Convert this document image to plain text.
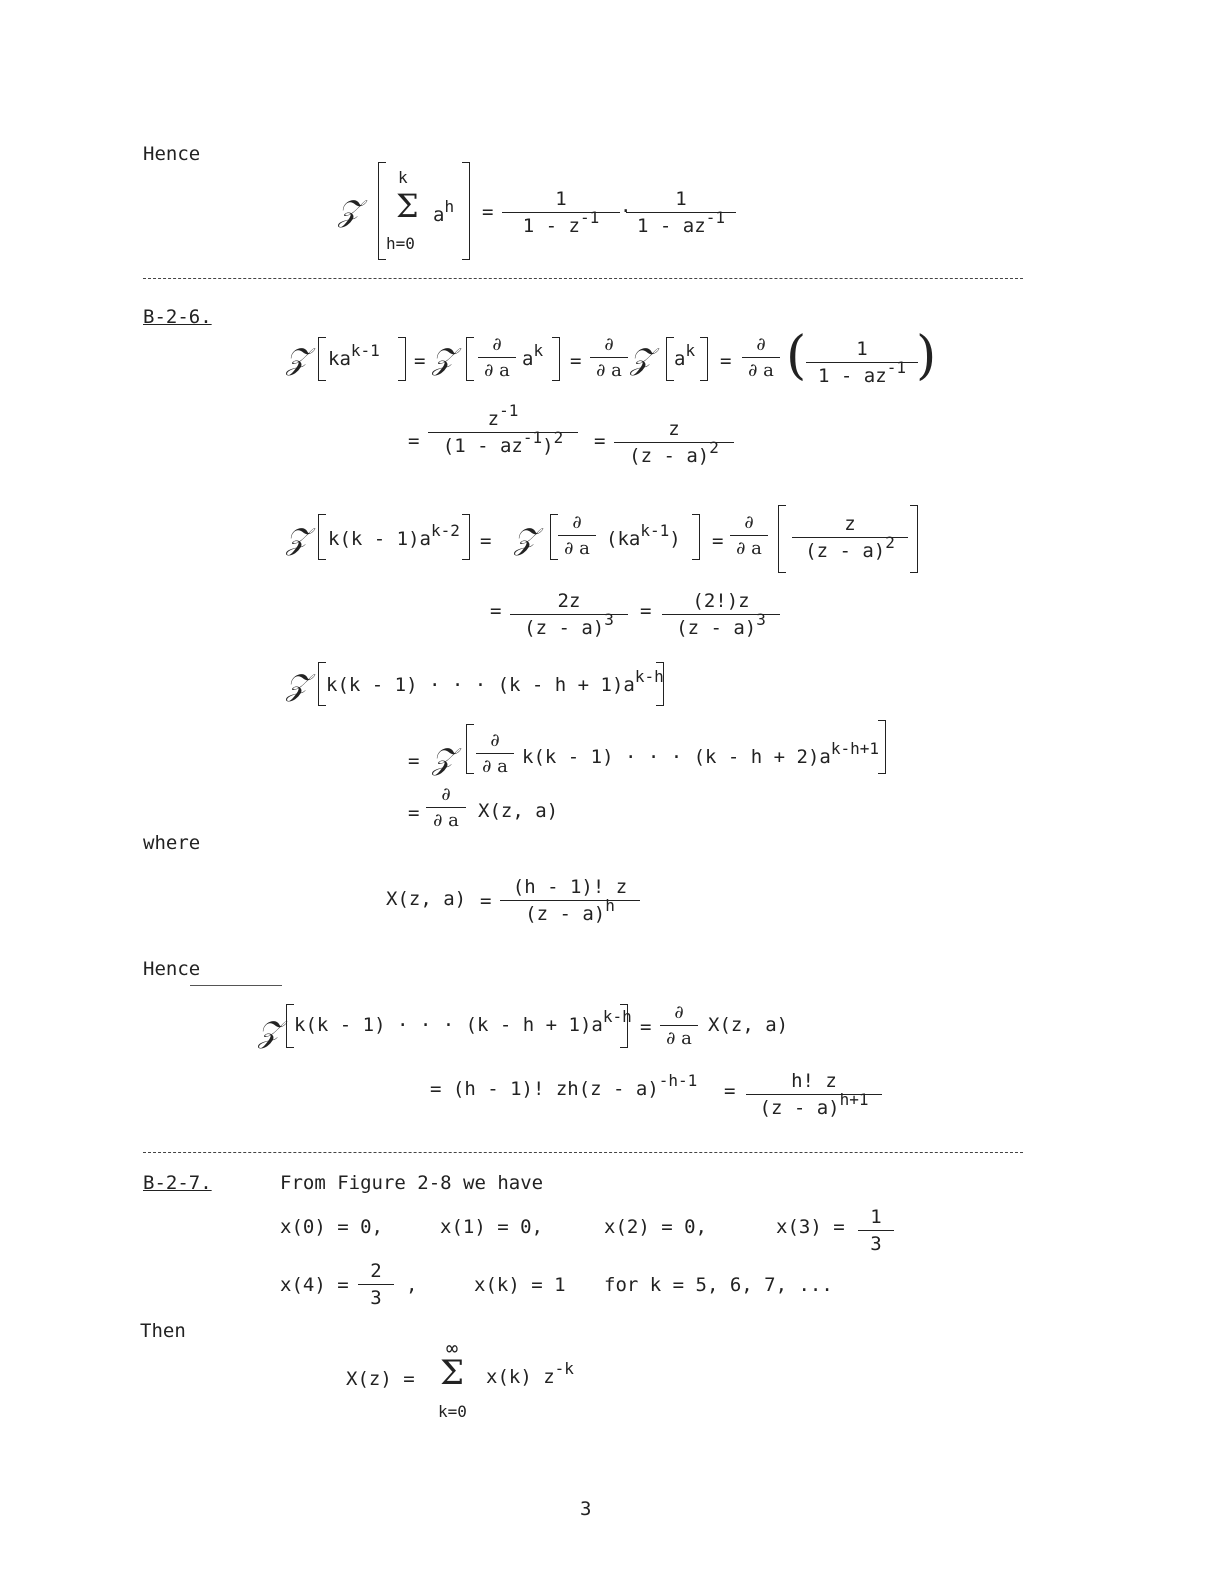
Hence
𝒵
k
Σ
h=0
$a^h = \frac{1}{1 - z^{-1}}$ ·
$\frac{1}{1 - az^{-1}}$
B-2-6.
𝒵 $ka^{k-1}$ = 𝒵	∂
∂ a
$a^k$ =
∂
∂ a 𝒵 $a^k$ =
∂
∂ a ( $\frac{1}{1 - az^{-1}}$
)
= $\frac{z^{-1}}{(1 - az^{-1})^2} = \frac{z}{(z - a)^2}$
𝒵 $k(k - 1)a^{k-2}$ = 𝒵	∂
∂ a $(ka^{k-1})$ =
∂
∂ a	$\frac{z}{(z - a)^2}$
= $\frac{2z}{(z - a)^3} = \frac{(2!)z}{(z - a)^3}$
𝒵 k(k - 1) · · · $(k - h + 1)a^{k-h}$
= 𝒵
∂
∂ a k(k - 1) · · · $(k - h + 2)a^{k-h+1}$
=
∂
∂ a	X(z, a)
where
X(z, $a) = \frac{(h - 1)! z}{(z - a)^h}$
Hence
𝒵 k(k - 1) · · · $(k - h + 1)a^{k-h}$ =
∂
∂ a
X(z, a)
= (h - 1)! $zh(z - a)^{-h-1} = \frac{h! z}{(z - a)^{h+1}}$
B-2-7.	From Figure 2-8 we have
x(0) = 0,	x(1) = 0,	x(2) = 0,	$x(3) = \frac{1}{3}$
$x(4) = \frac{2}{3}$ ,	x(k) = 1 for k = 5, 6, 7, ...
Then
X(z) =
∞
Σ
k=0
x(k) $z^{-k}$
3
